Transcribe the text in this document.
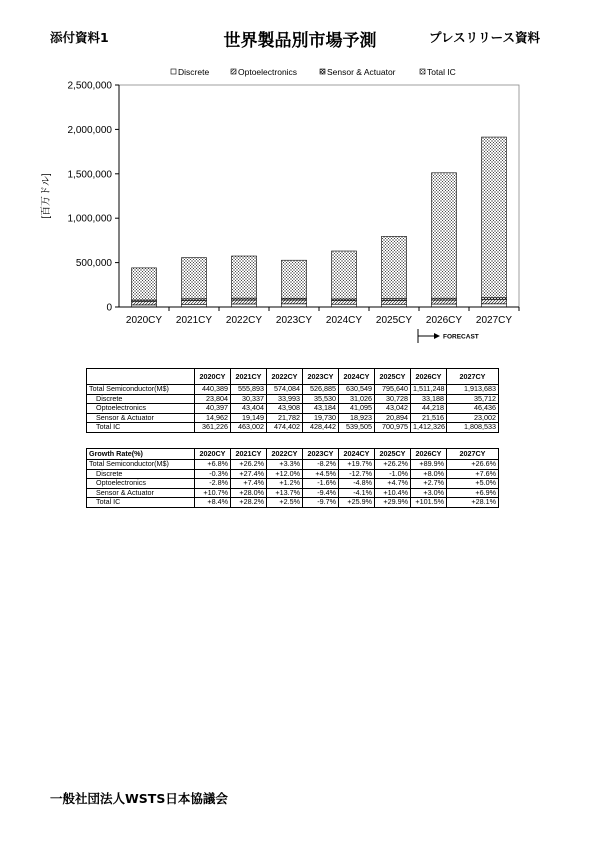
添付資料1	世界製品別市場予測	プレスリリース資料
Discrete	Optoelectronics	Sensor & Actuator	Total IC
0
500,000
1,000,000
1,500,000
2,000,000
2,500,000
2020CY 2021CY 2022CY 2023CY 2024CY 2025CY 2026CY 2027CY
[百万ドル]
FORECAST
	2020CY	2021CY	2022CY	2023CY	2024CY	2025CY	2026CY	2027CY
Total Semiconductor(M$)	440,389	555,893	574,084	526,885	630,549	795,640	1,511,248	1,913,683
Discrete	23,804	30,337	33,993	35,530	31,026	30,728	33,188	35,712
Optoelectronics	40,397	43,404	43,908	43,184	41,095	43,042	44,218	46,436
Sensor & Actuator	14,962	19,149	21,782	19,730	18,923	20,894	21,516	23,002
Total IC	361,226	463,002	474,402	428,442	539,505	700,975	1,412,326	1,808,533
Growth Rate(%)	2020CY	2021CY	2022CY	2023CY	2024CY	2025CY	2026CY	2027CY
Total Semiconductor(M$)	+6.8%	+26.2%	+3.3%	-8.2%	+19.7%	+26.2%	+89.9%	+26.6%
Discrete	-0.3%	+27.4%	+12.0%	+4.5%	-12.7%	-1.0%	+8.0%	+7.6%
Optoelectronics	-2.8%	+7.4%	+1.2%	-1.6%	-4.8%	+4.7%	+2.7%	+5.0%
Sensor & Actuator	+10.7%	+28.0%	+13.7%	-9.4%	-4.1%	+10.4%	+3.0%	+6.9%
Total IC	+8.4%	+28.2%	+2.5%	-9.7%	+25.9%	+29.9%	+101.5%	+28.1%
一般社団法人WSTS日本協議会
